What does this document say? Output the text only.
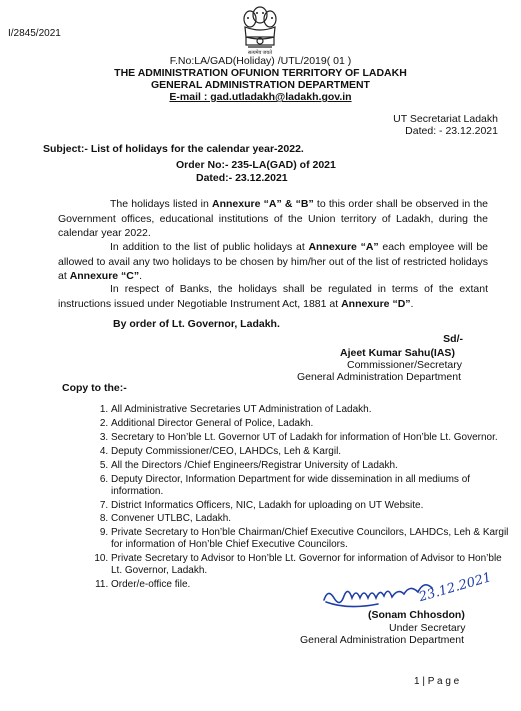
I/2845/2021
सत्यमेव जयते
F.No:LA/GAD(Holiday) /UTL/2019( 01 )
THE ADMINISTRATION OFUNION TERRITORY OF LADAKH
GENERAL ADMINISTRATION DEPARTMENT
E-mail : gad.utladakh@ladakh.gov.in
UT Secretariat Ladakh
Dated: - 23.12.2021
Subject:- List of holidays for the calendar year-2022.
Order No:- 235-LA(GAD) of 2021
Dated:- 23.12.2021
The holidays listed in Annexure “A” & “B” to this order shall be observed in the Government offices, educational institutions of the Union territory of Ladakh, during the calendar year 2022.
In addition to the list of public holidays at Annexure “A” each employee will be allowed to avail any two holidays to be chosen by him/her out of the list of restricted holidays at Annexure “C”.
In respect of Banks, the holidays shall be regulated in terms of the extant instructions issued under Negotiable Instrument Act, 1881 at Annexure “D”.
By order of Lt. Governor, Ladakh.
Sd/-
Ajeet Kumar Sahu(IAS)
Commissioner/Secretary
General Administration Department
Copy to the:-
1. All Administrative Secretaries UT Administration of Ladakh.
2. Additional Director General of Police, Ladakh.
3. Secretary to Hon’ble Lt. Governor UT of Ladakh for information of Hon’ble Lt. Governor.
4. Deputy Commissioner/CEO, LAHDCs, Leh & Kargil.
5. All the Directors /Chief Engineers/Registrar University of Ladakh.
6. Deputy Director, Information Department for wide dissemination in all mediums of information.
7. District Informatics Officers, NIC, Ladakh for uploading on UT Website.
8. Convener UTLBC, Ladakh.
9. Private Secretary to Hon’ble Chairman/Chief Executive Councilors, LAHDCs, Leh & Kargil for information of Hon’ble Chief Executive Councilors.
10. Private Secretary to Advisor to Hon’ble Lt. Governor for information of Advisor to Hon’ble Lt. Governor, Ladakh.
11. Order/e-office file.	23.12.2021
(Sonam Chhosdon)
Under Secretary
General Administration Department
1 | P a g e
